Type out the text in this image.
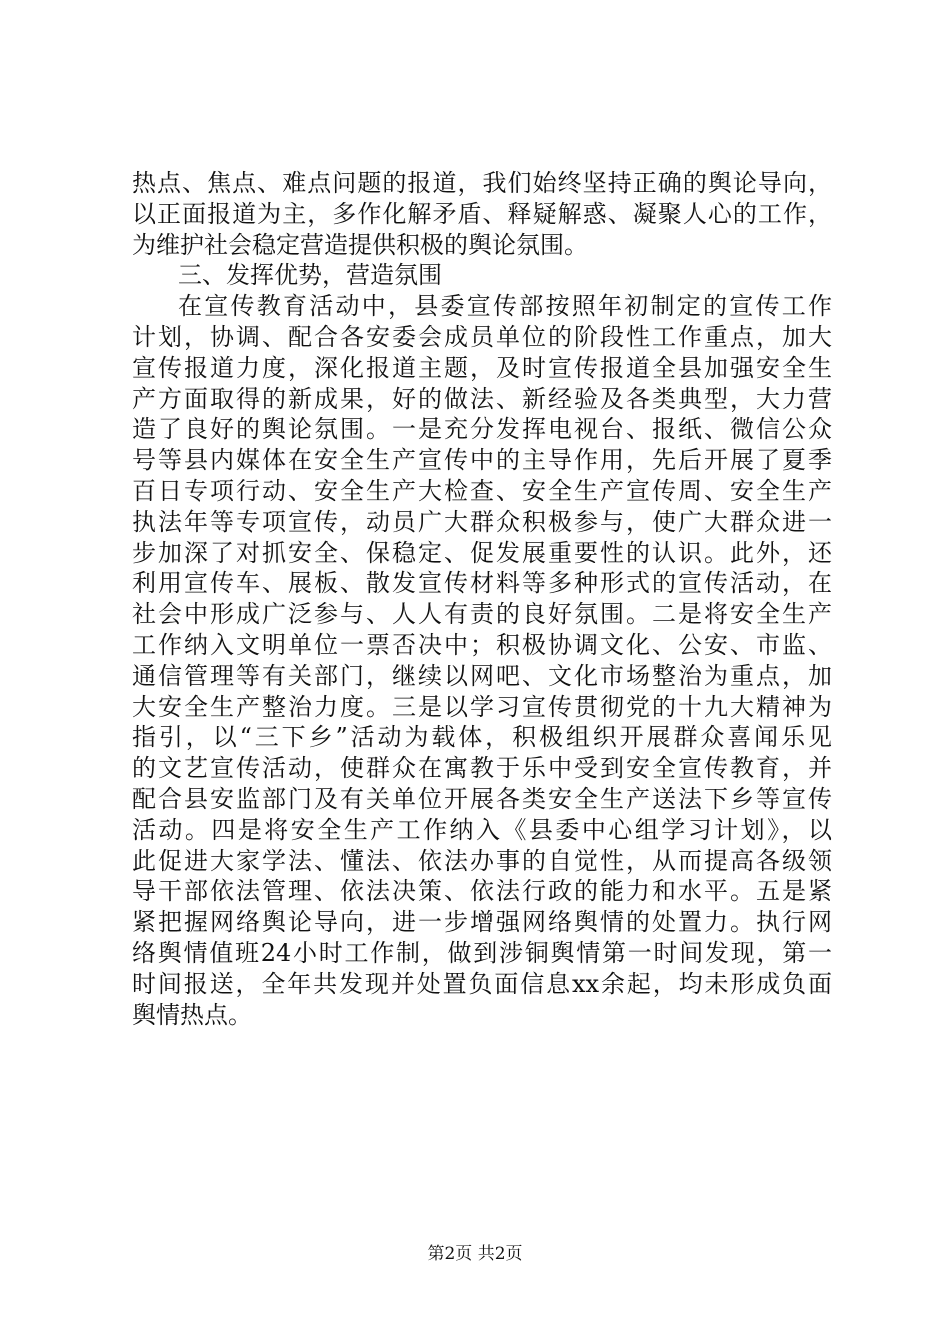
热点、焦点、难点问题的报道，我们始终坚持正确的舆论导向，
以正面报道为主，多作化解矛盾、释疑解惑、凝聚人心的工作，
为维护社会稳定营造提供积极的舆论氛围。
三、发挥优势，营造氛围
在宣传教育活动中，县委宣传部按照年初制定的宣传工作
计划，协调、配合各安委会成员单位的阶段性工作重点，加大
宣传报道力度，深化报道主题，及时宣传报道全县加强安全生
产方面取得的新成果，好的做法、新经验及各类典型，大力营
造了良好的舆论氛围。一是充分发挥电视台、报纸、微信公众
号等县内媒体在安全生产宣传中的主导作用，先后开展了夏季
百日专项行动、安全生产大检查、安全生产宣传周、安全生产
执法年等专项宣传，动员广大群众积极参与，使广大群众进一
步加深了对抓安全、保稳定、促发展重要性的认识。此外，还
利用宣传车、展板、散发宣传材料等多种形式的宣传活动，在
社会中形成广泛参与、人人有责的良好氛围。二是将安全生产
工作纳入文明单位一票否决中；积极协调文化、公安、市监、
通信管理等有关部门，继续以网吧、文化市场整治为重点，加
大安全生产整治力度。三是以学习宣传贯彻党的十九大精神为
指引，以“三下乡”活动为载体，积极组织开展群众喜闻乐见
的文艺宣传活动，使群众在寓教于乐中受到安全宣传教育，并
配合县安监部门及有关单位开展各类安全生产送法下乡等宣传
活动。四是将安全生产工作纳入《县委中心组学习计划》，以
此促进大家学法、懂法、依法办事的自觉性，从而提高各级领
导干部依法管理、依法决策、依法行政的能力和水平。五是紧
紧把握网络舆论导向，进一步增强网络舆情的处置力。执行网
络舆情值班24小时工作制，做到涉铜舆情第一时间发现，第一
时间报送，全年共发现并处置负面信息xx余起，均未形成负面
舆情热点。
第2页 共2页
